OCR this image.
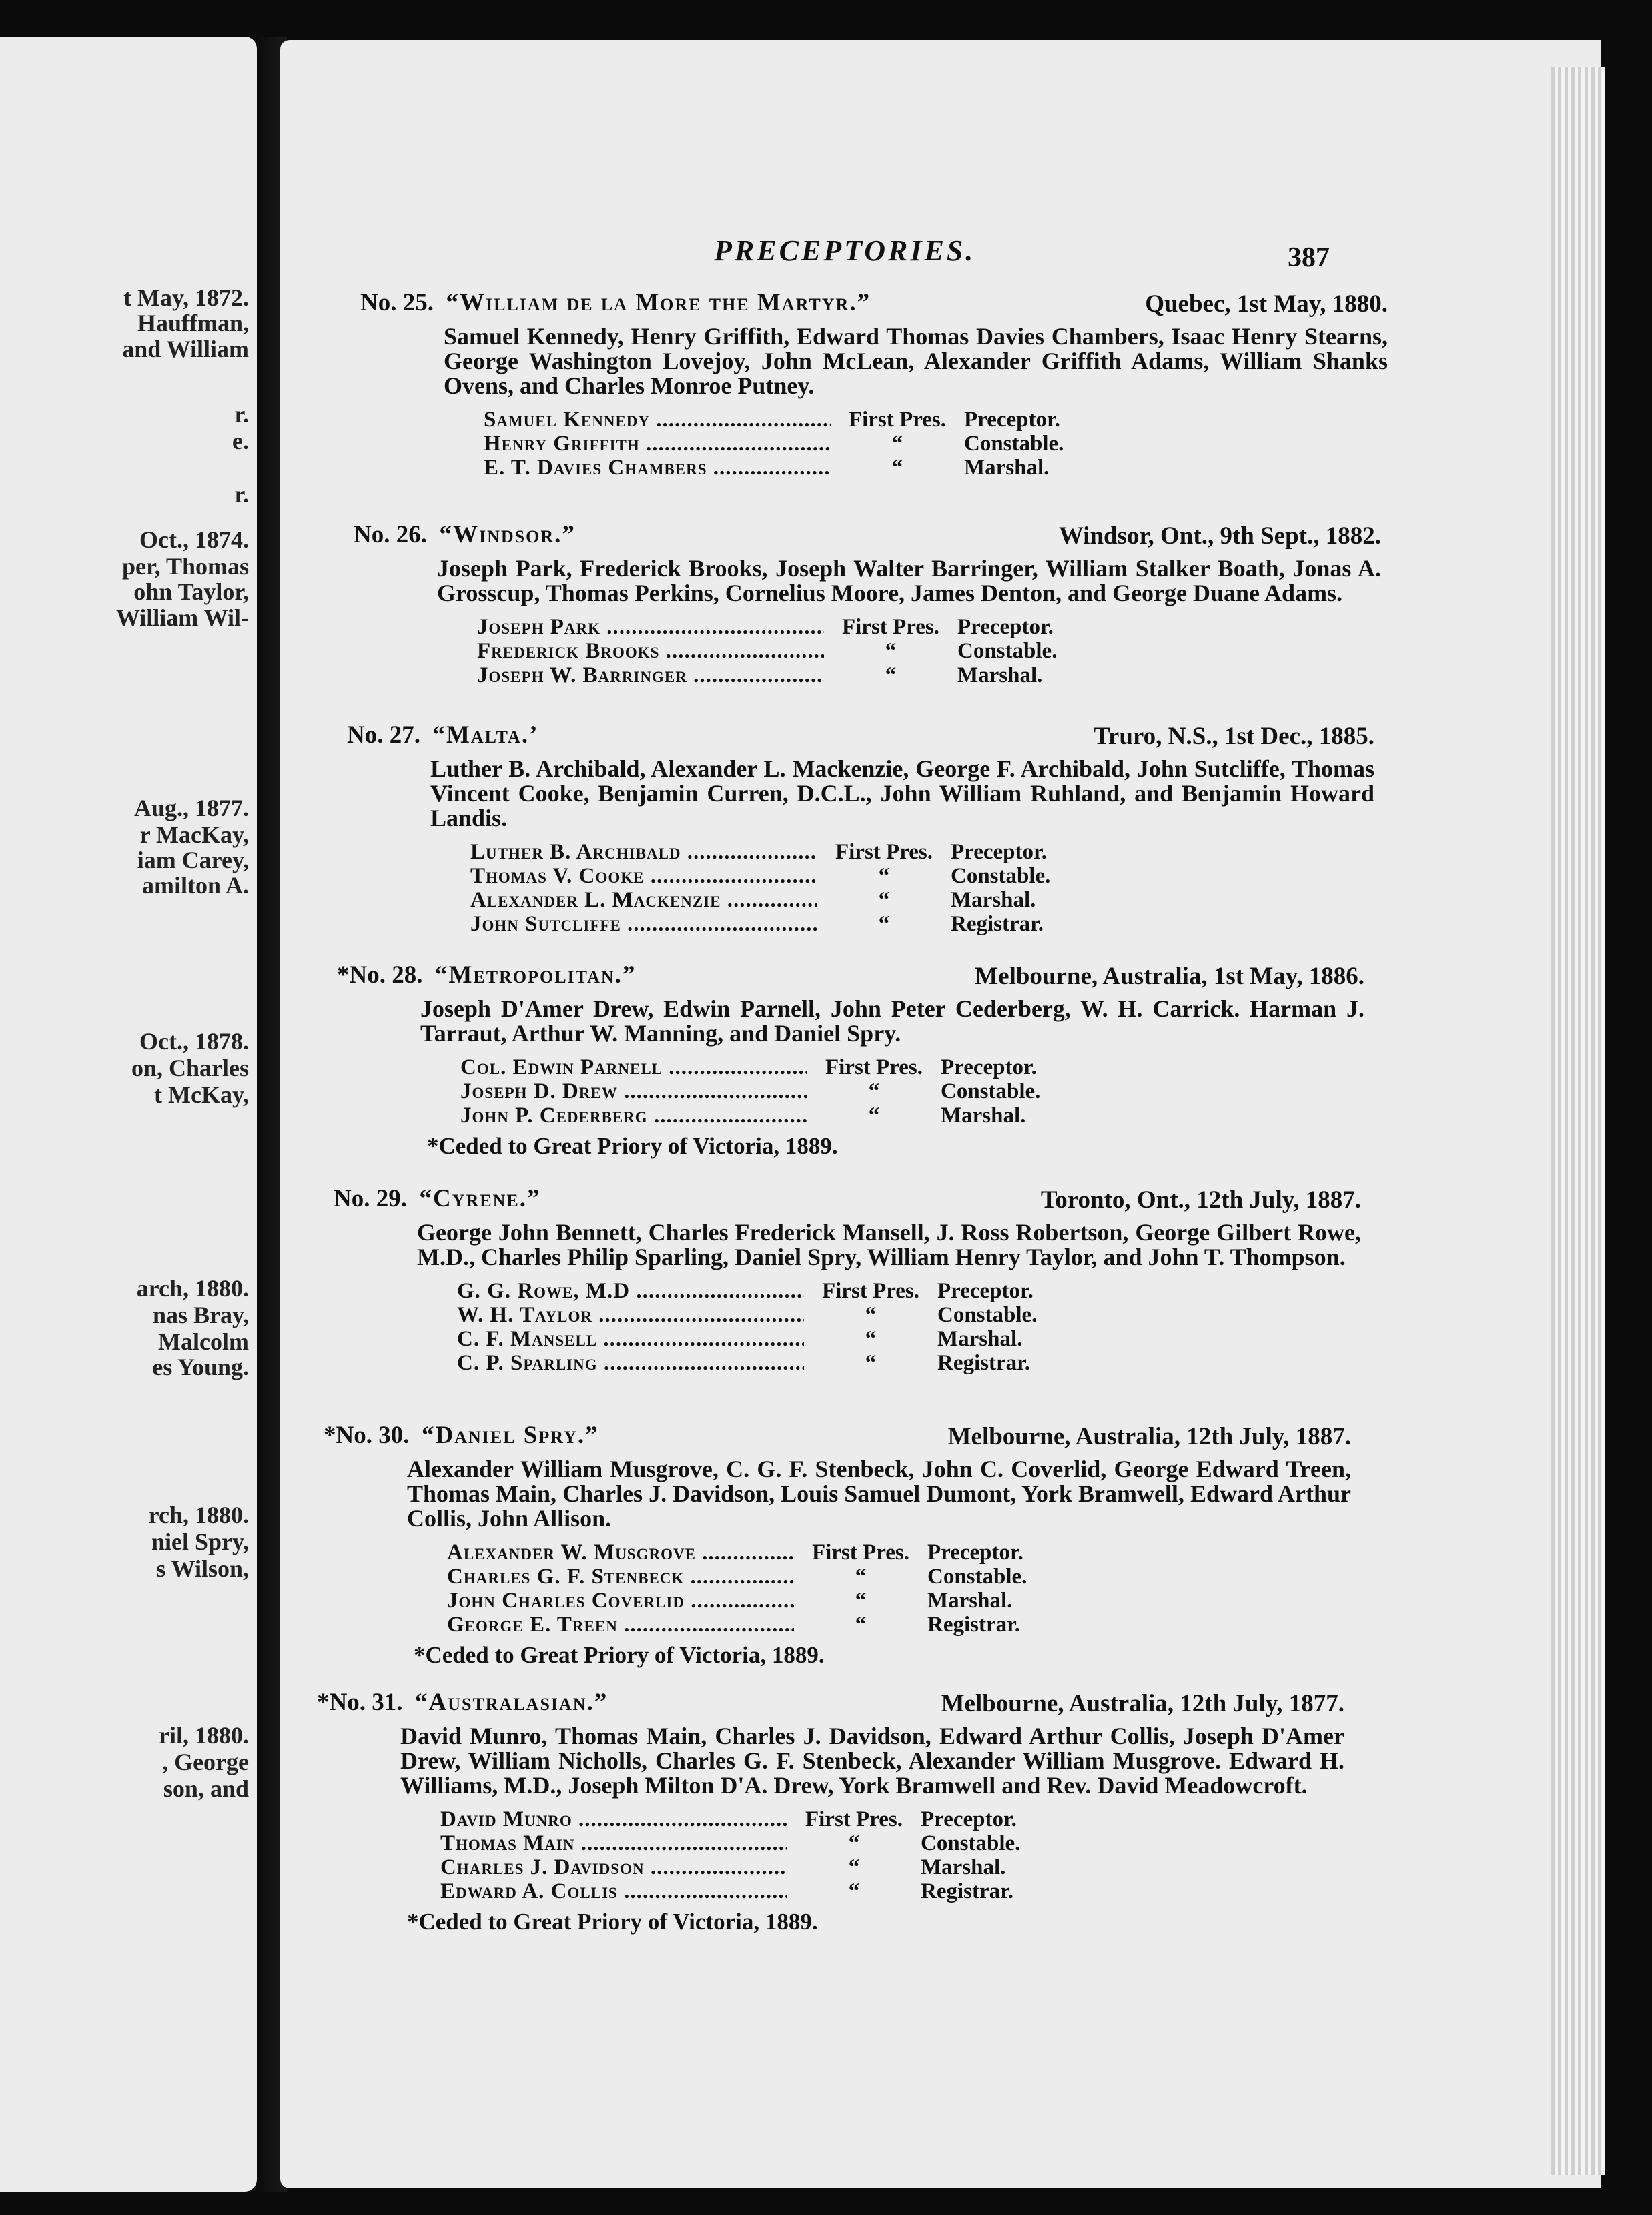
t May, 1872.
Hauffman,
and William
r.
e.
r.
Oct., 1874.
per, Thomas
ohn Taylor,
William Wil-
Aug., 1877.
r MacKay,
iam Carey,
amilton A.
Oct., 1878.
on, Charles
t McKay,
arch, 1880.
nas Bray,
Malcolm
es Young.
rch, 1880.
niel Spry,
s Wilson,
ril, 1880.
, George
son, and
PRECEPTORIES.	387
No. 25. “William de la More the Martyr.”	Quebec, 1st May, 1880.
Samuel Kennedy, Henry Griffith, Edward Thomas Davies Chambers, Isaac Henry Stearns, George Washington Lovejoy, John McLean, Alexander Griffith Adams, William Shanks Ovens, and Charles Monroe Putney.
Samuel Kennedy .....	First Pres. Preceptor.
Henry Griffith .....	“	Constable.
E. T. Davies Chambers .....	“	Marshal.
No. 26. “Windsor.”	Windsor, Ont., 9th Sept., 1882.
Joseph Park, Frederick Brooks, Joseph Walter Barringer, William Stalker Boath, Jonas A. Grosscup, Thomas Perkins, Cornelius Moore, James Denton, and George Duane Adams.
Joseph Park .....	First Pres. Preceptor.
Frederick Brooks .....	“	Constable.
Joseph W. Barringer .....	“	Marshal.
No. 27. “Malta.’	Truro, N.S., 1st Dec., 1885.
Luther B. Archibald, Alexander L. Mackenzie, George F. Archibald, John Sutcliffe, Thomas Vincent Cooke, Benjamin Curren, D.C.L., John William Ruhland, and Benjamin Howard Landis.
Luther B. Archibald .....	First Pres. Preceptor.
Thomas V. Cooke .....	“	Constable.
Alexander L. Mackenzie .....	“	Marshal.
John Sutcliffe .....	“	Registrar.
*No. 28. “Metropolitan.”	Melbourne, Australia, 1st May, 1886.
Joseph D'Amer Drew, Edwin Parnell, John Peter Cederberg, W. H. Carrick. Harman J. Tarraut, Arthur W. Manning, and Daniel Spry.
Col. Edwin Parnell .....	First Pres. Preceptor.
Joseph D. Drew .....	“	Constable.
John P. Cederberg .....	“	Marshal.
*Ceded to Great Priory of Victoria, 1889.
No. 29. “Cyrene.”	Toronto, Ont., 12th July, 1887.
George John Bennett, Charles Frederick Mansell, J. Ross Robertson, George Gilbert Rowe, M.D., Charles Philip Sparling, Daniel Spry, William Henry Taylor, and John T. Thompson.
G. G. Rowe, M.D .....	First Pres. Preceptor.
W. H. Taylor .....	“	Constable.
C. F. Mansell .....	“	Marshal.
C. P. Sparling .....	“	Registrar.
*No. 30. “Daniel Spry.”	Melbourne, Australia, 12th July, 1887.
Alexander William Musgrove, C. G. F. Stenbeck, John C. Coverlid, George Edward Treen, Thomas Main, Charles J. Davidson, Louis Samuel Dumont, York Bramwell, Edward Arthur Collis, John Allison.
Alexander W. Musgrove .....	First Pres. Preceptor.
Charles G. F. Stenbeck .....	“	Constable.
John Charles Coverlid .....	“	Marshal.
George E. Treen .....	“	Registrar.
*Ceded to Great Priory of Victoria, 1889.
*No. 31. “Australasian.”	Melbourne, Australia, 12th July, 1877.
David Munro, Thomas Main, Charles J. Davidson, Edward Arthur Collis, Joseph D'Amer Drew, William Nicholls, Charles G. F. Stenbeck, Alexander William Musgrove. Edward H. Williams, M.D., Joseph Milton D'A. Drew, York Bramwell and Rev. David Meadowcroft.
David Munro .....	First Pres. Preceptor.
Thomas Main .....	“	Constable.
Charles J. Davidson .....	“	Marshal.
Edward A. Collis .....	“	Registrar.
*Ceded to Great Priory of Victoria, 1889.
